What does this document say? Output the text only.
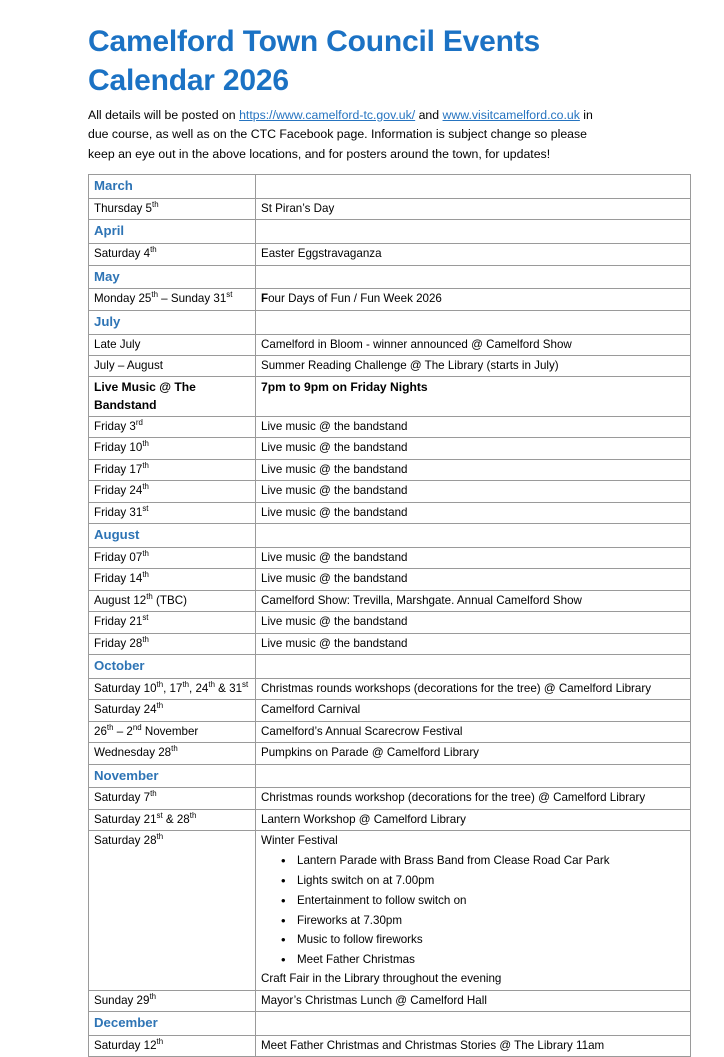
Camelford Town Council Events Calendar 2026

All details will be posted on https://www.camelford-tc.gov.uk/ and www.visitcamelford.co.uk in due course, as well as on the CTC Facebook page. Information is subject change so please keep an eye out in the above locations, and for posters around the town, for updates!

March	
Thursday 5th	St Piran’s Day
April	
Saturday 4th	Easter Eggstravaganza
May	
Monday 25th – Sunday 31st	Four Days of Fun / Fun Week 2026
July	
Late July	Camelford in Bloom - winner announced @ Camelford Show
July – August	Summer Reading Challenge @ The Library (starts in July)
Live Music @ The Bandstand	7pm to 9pm on Friday Nights
Friday 3rd	Live music @ the bandstand
Friday 10th	Live music @ the bandstand
Friday 17th	Live music @ the bandstand
Friday 24th	Live music @ the bandstand
Friday 31st	Live music @ the bandstand
August	
Friday 07th	Live music @ the bandstand
Friday 14th	Live music @ the bandstand
August 12th (TBC)	Camelford Show: Trevilla, Marshgate. Annual Camelford Show
Friday 21st	Live music @ the bandstand
Friday 28th	Live music @ the bandstand
October	
Saturday 10th, 17th, 24th & 31st	Christmas rounds workshops (decorations for the tree) @ Camelford Library
Saturday 24th	Camelford Carnival
26th – 2nd November	Camelford’s Annual Scarecrow Festival
Wednesday 28th	Pumpkins on Parade @ Camelford Library
November	
Saturday 7th	Christmas rounds workshop (decorations for the tree) @ Camelford Library
Saturday 21st & 28th	Lantern Workshop @ Camelford Library
Saturday 28th	Winter Festival
• Lantern Parade with Brass Band from Clease Road Car Park
• Lights switch on at 7.00pm
• Entertainment to follow switch on
• Fireworks at 7.30pm
• Music to follow fireworks
• Meet Father Christmas
Craft Fair in the Library throughout the evening

Sunday 29th	Mayor’s Christmas Lunch @ Camelford Hall
December	
Saturday 12th	Meet Father Christmas and Christmas Stories @ The Library 11am
